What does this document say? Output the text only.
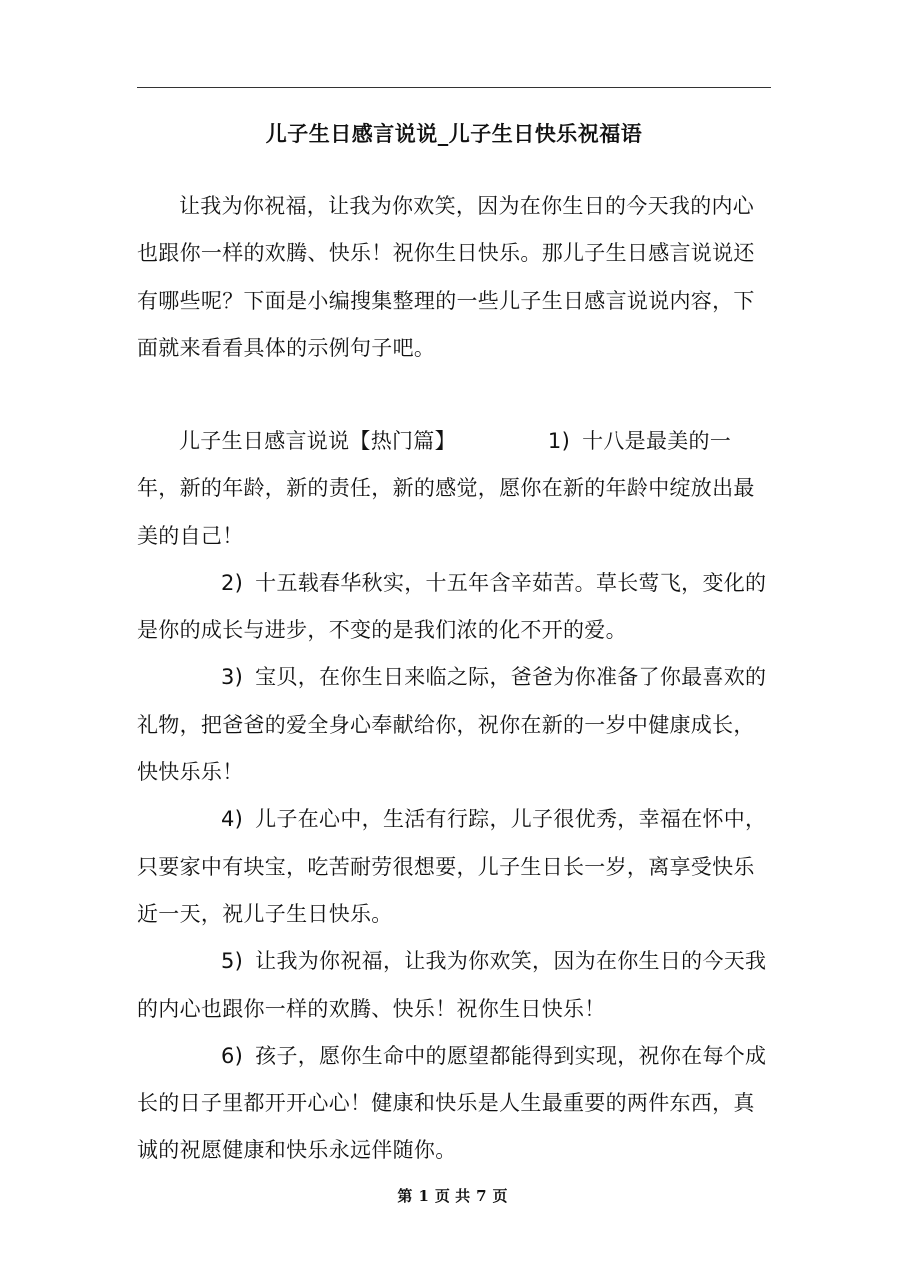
儿子生日感言说说_儿子生日快乐祝福语

让我为你祝福，让我为你欢笑，因为在你生日的今天我的内心也跟你一样的欢腾、快乐！祝你生日快乐。那儿子生日感言说说还有哪些呢？下面是小编搜集整理的一些儿子生日感言说说内容，下面就来看看具体的示例句子吧。

儿子生日感言说说【热门篇】	1) 十八是最美的一年，新的年龄，新的责任，新的感觉，愿你在新的年龄中绽放出最美的自己！

2) 十五载春华秋实，十五年含辛茹苦。草长莺飞，变化的是你的成长与进步，不变的是我们浓的化不开的爱。

3) 宝贝，在你生日来临之际，爸爸为你准备了你最喜欢的礼物，把爸爸的爱全身心奉献给你，祝你在新的一岁中健康成长，快快乐乐！

4) 儿子在心中，生活有行踪，儿子很优秀，幸福在怀中，只要家中有块宝，吃苦耐劳很想要，儿子生日长一岁，离享受快乐近一天，祝儿子生日快乐。

5) 让我为你祝福，让我为你欢笑，因为在你生日的今天我的内心也跟你一样的欢腾、快乐！祝你生日快乐！

6) 孩子，愿你生命中的愿望都能得到实现，祝你在每个成长的日子里都开开心心！健康和快乐是人生最重要的两件东西，真诚的祝愿健康和快乐永远伴随你。

第 1 页 共 7 页
